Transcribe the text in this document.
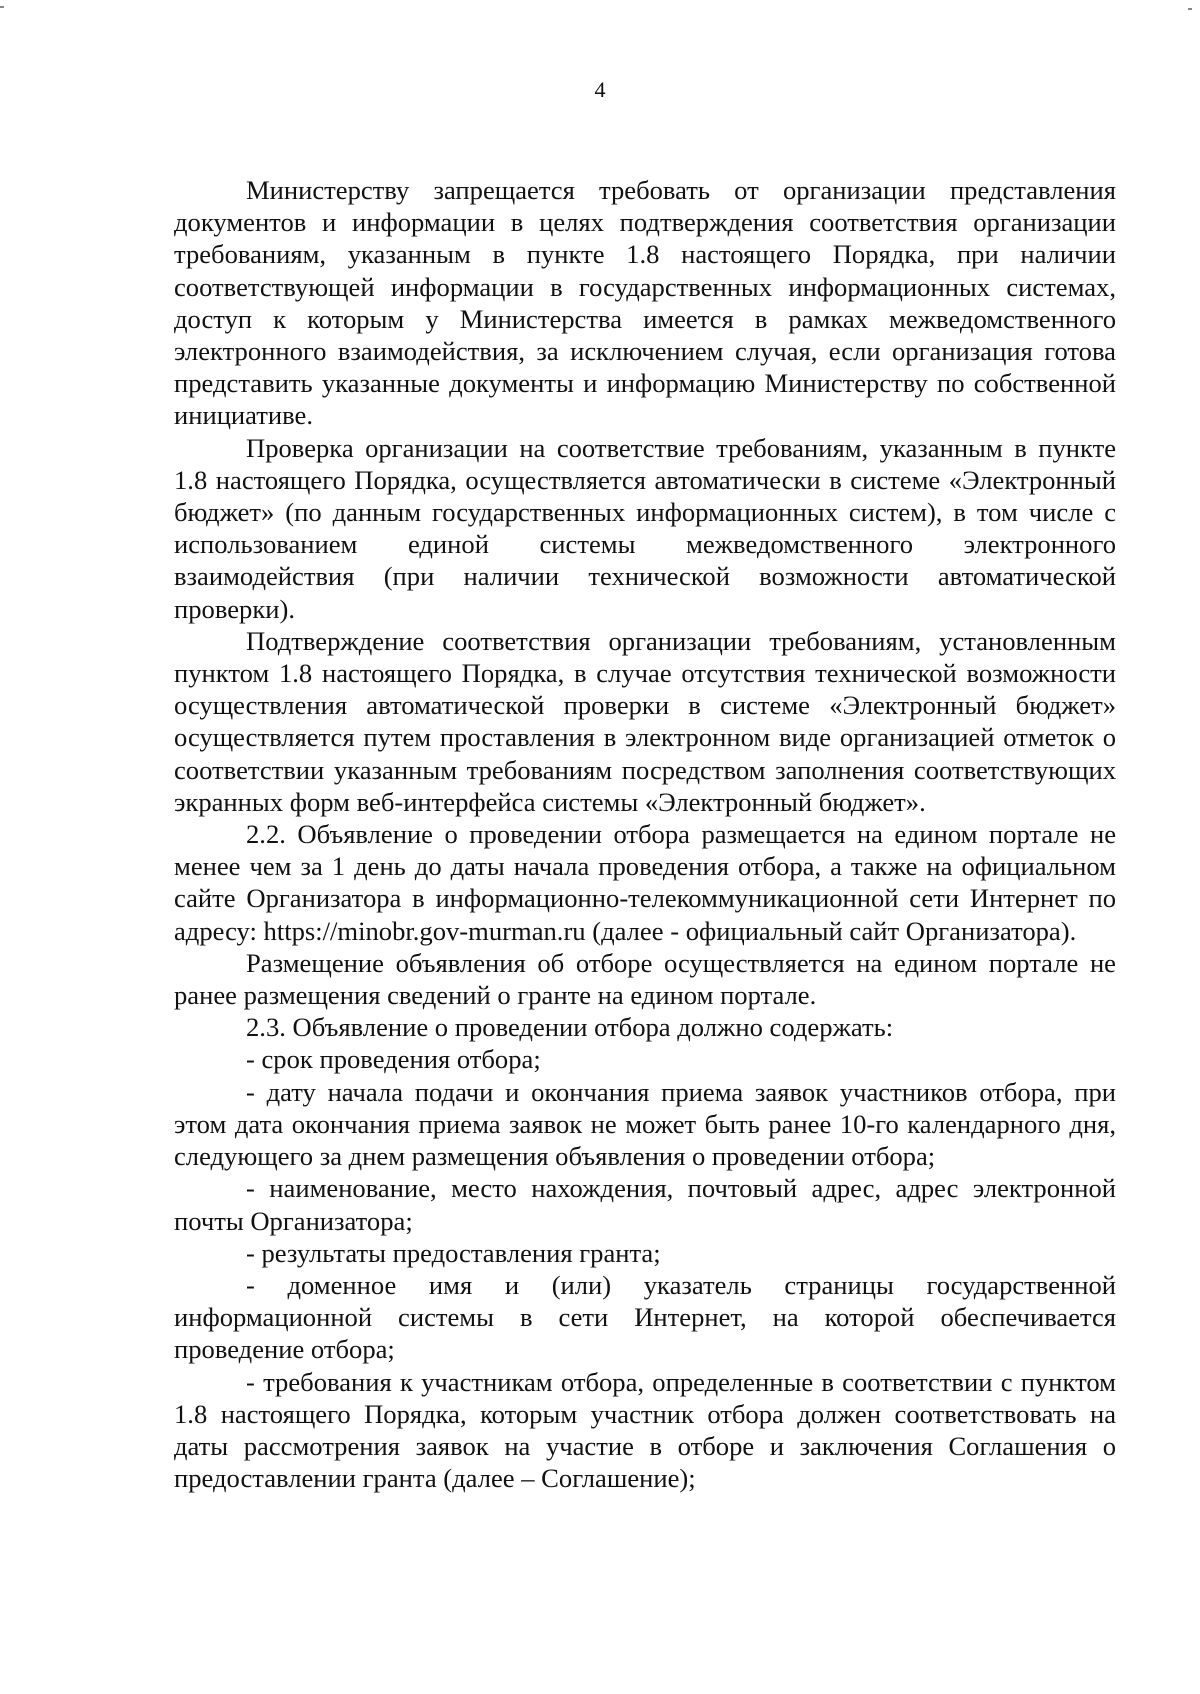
4

Министерству запрещается требовать от организации представления документов и информации в целях подтверждения соответствия организации требованиям, указанным в пункте 1.8 настоящего Порядка, при наличии соответствующей информации в государственных информационных системах, доступ к которым у Министерства имеется в рамках межведомственного электронного взаимодействия, за исключением случая, если организация готова представить указанные документы и информацию Министерству по собственной инициативе.

Проверка организации на соответствие требованиям, указанным в пункте 1.8 настоящего Порядка, осуществляется автоматически в системе «Электронный бюджет» (по данным государственных информационных систем), в том числе с использованием единой системы межведомственного электронного взаимодействия (при наличии технической возможности автоматической проверки).

Подтверждение соответствия организации требованиям, установленным пунктом 1.8 настоящего Порядка, в случае отсутствия технической возможности осуществления автоматической проверки в системе «Электронный бюджет» осуществляется путем проставления в электронном виде организацией отметок о соответствии указанным требованиям посредством заполнения соответствующих экранных форм веб-интерфейса системы «Электронный бюджет».

2.2. Объявление о проведении отбора размещается на едином портале не менее чем за 1 день до даты начала проведения отбора, а также на официальном сайте Организатора в информационно-телекоммуникационной сети Интернет по адресу: https://minobr.gov-murman.ru (далее - официальный сайт Организатора).

Размещение объявления об отборе осуществляется на едином портале не ранее размещения сведений о гранте на едином портале.

2.3. Объявление о проведении отбора должно содержать:

- срок проведения отбора;

- дату начала подачи и окончания приема заявок участников отбора, при этом дата окончания приема заявок не может быть ранее 10-го календарного дня, следующего за днем размещения объявления о проведении отбора;

- наименование, место нахождения, почтовый адрес, адрес электронной почты Организатора;

- результаты предоставления гранта;

- доменное имя и (или) указатель страницы государственной информационной системы в сети Интернет, на которой обеспечивается проведение отбора;

- требования к участникам отбора, определенные в соответствии с пунктом 1.8 настоящего Порядка, которым участник отбора должен соответствовать на даты рассмотрения заявок на участие в отборе и заключения Соглашения о предоставлении гранта (далее – Соглашение);
